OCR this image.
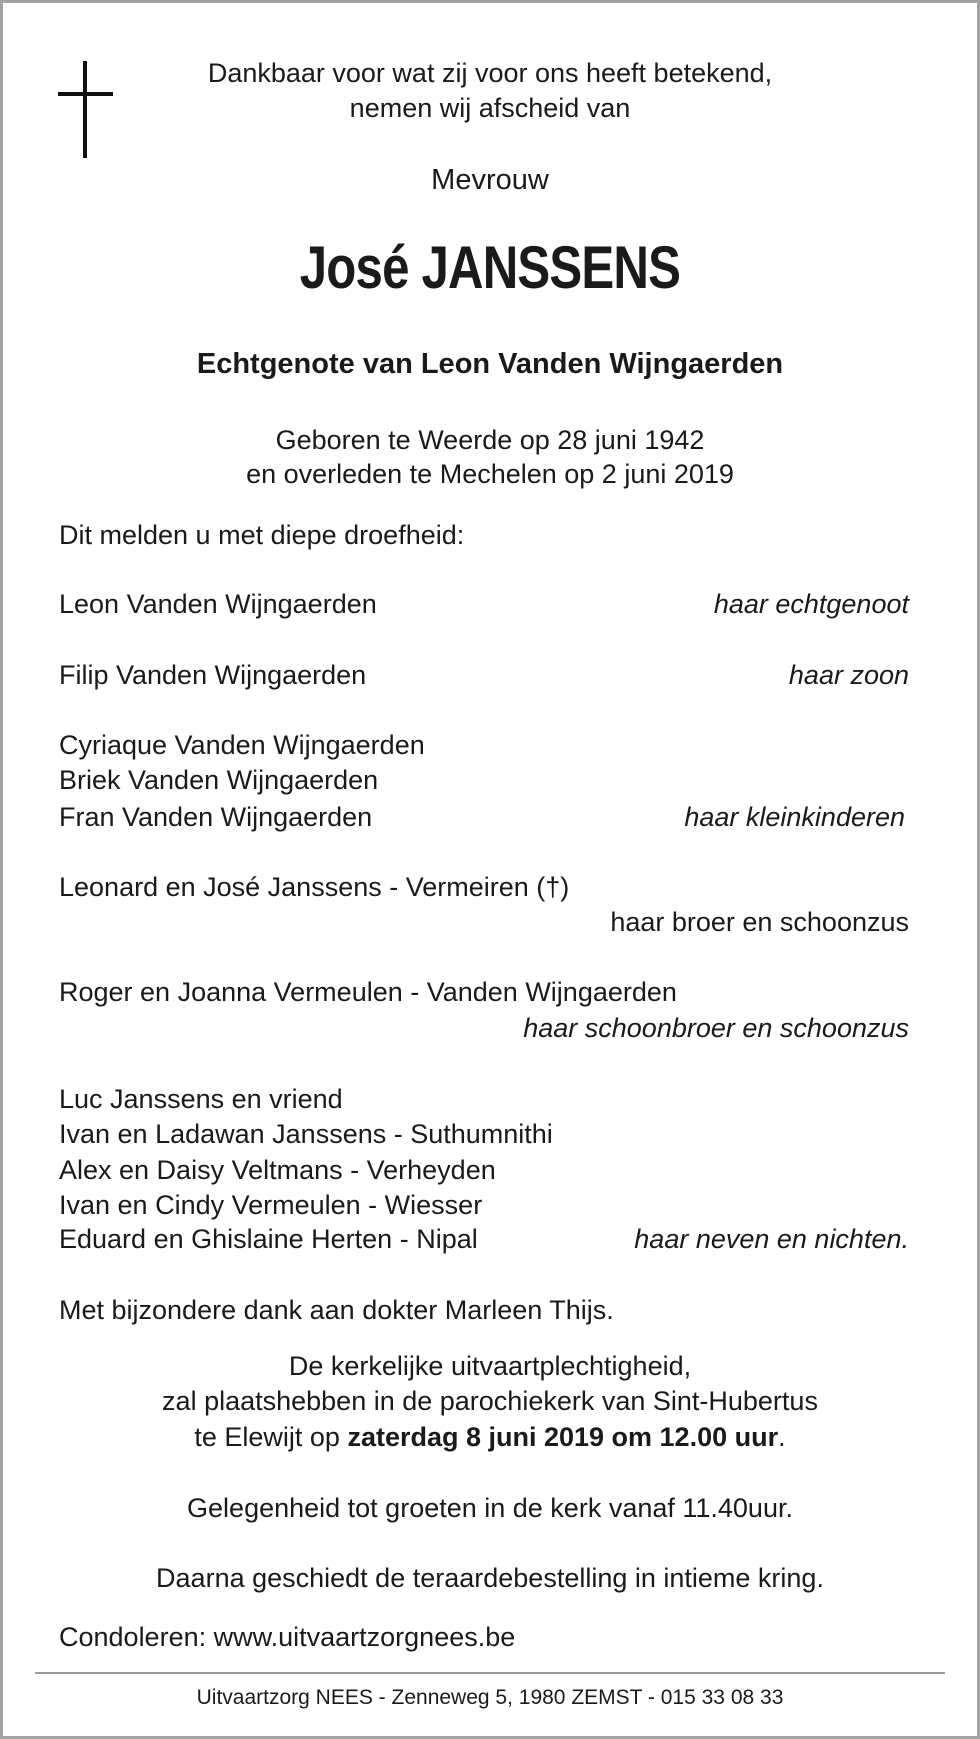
Dankbaar voor wat zij voor ons heeft betekend,
nemen wij afscheid van
Mevrouw
José JANSSENS
Echtgenote van Leon Vanden Wijngaerden
Geboren te Weerde op 28 juni 1942
en overleden te Mechelen op 2 juni 2019
Dit melden u met diepe droefheid:
Leon Vanden Wijngaerden	haar echtgenoot
Filip Vanden Wijngaerden	haar zoon
Cyriaque Vanden Wijngaerden
Briek Vanden Wijngaerden
Fran Vanden Wijngaerden	haar kleinkinderen
Leonard en José Janssens - Vermeiren (†)
haar broer en schoonzus
Roger en Joanna Vermeulen - Vanden Wijngaerden
haar schoonbroer en schoonzus
Luc Janssens en vriend
Ivan en Ladawan Janssens - Suthumnithi
Alex en Daisy Veltmans - Verheyden
Ivan en Cindy Vermeulen - Wiesser
Eduard en Ghislaine Herten - Nipal	haar neven en nichten.
Met bijzondere dank aan dokter Marleen Thijs.
De kerkelijke uitvaartplechtigheid,
zal plaatshebben in de parochiekerk van Sint-Hubertus
te Elewijt op zaterdag 8 juni 2019 om 12.00 uur.
Gelegenheid tot groeten in de kerk vanaf 11.40uur.
Daarna geschiedt de teraardebestelling in intieme kring.
Condoleren: www.uitvaartzorgnees.be
Uitvaartzorg NEES - Zenneweg 5, 1980 ZEMST - 015 33 08 33
